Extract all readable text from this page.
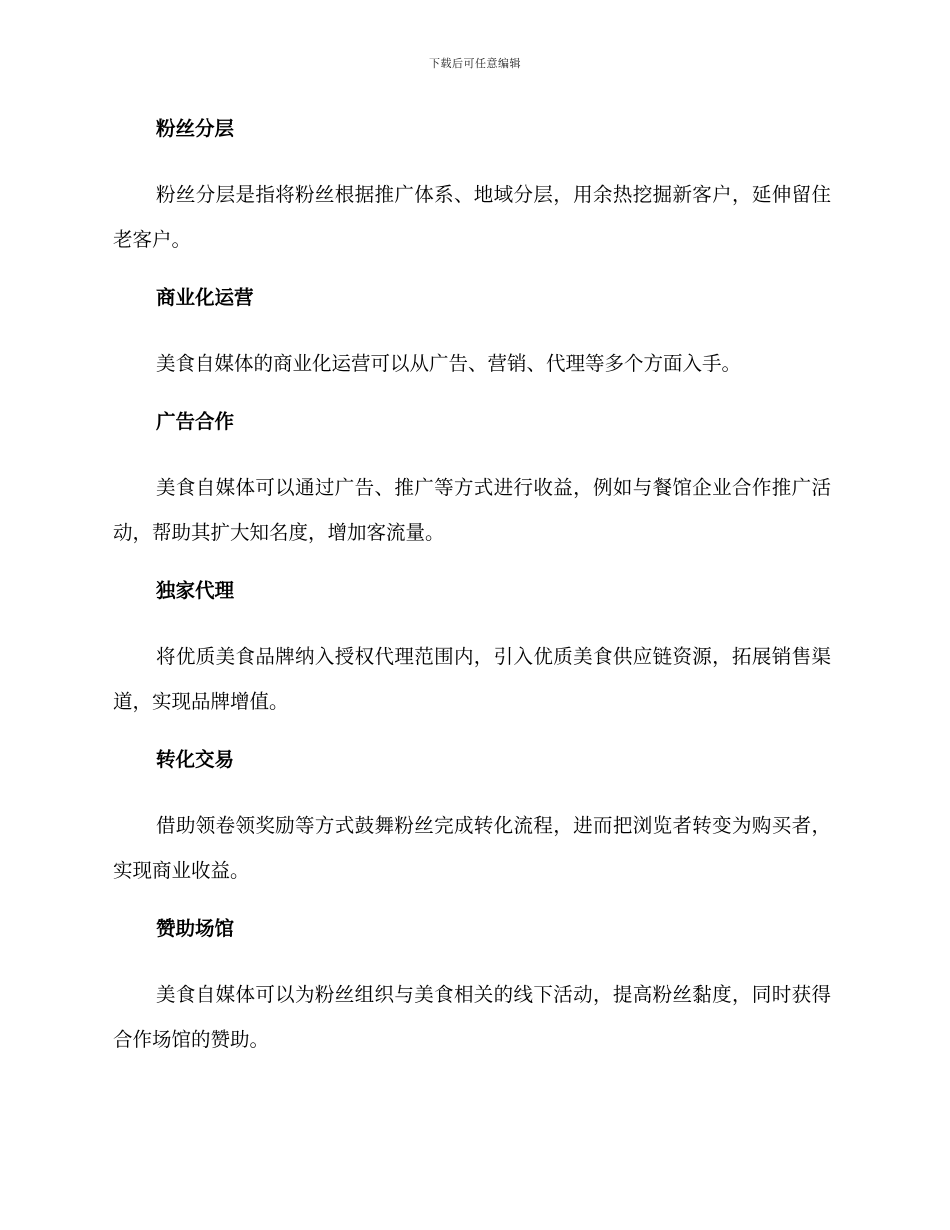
下载后可任意编辑
粉丝分层

粉丝分层是指将粉丝根据推广体系、地域分层，用余热挖掘新客户，延伸留住老客户。

商业化运营

美食自媒体的商业化运营可以从广告、营销、代理等多个方面入手。

广告合作

美食自媒体可以通过广告、推广等方式进行收益，例如与餐馆企业合作推广活动，帮助其扩大知名度，增加客流量。

独家代理

将优质美食品牌纳入授权代理范围内，引入优质美食供应链资源，拓展销售渠道，实现品牌增值。

转化交易

借助领卷领奖励等方式鼓舞粉丝完成转化流程，进而把浏览者转变为购买者，实现商业收益。

赞助场馆

美食自媒体可以为粉丝组织与美食相关的线下活动，提高粉丝黏度，同时获得合作场馆的赞助。
